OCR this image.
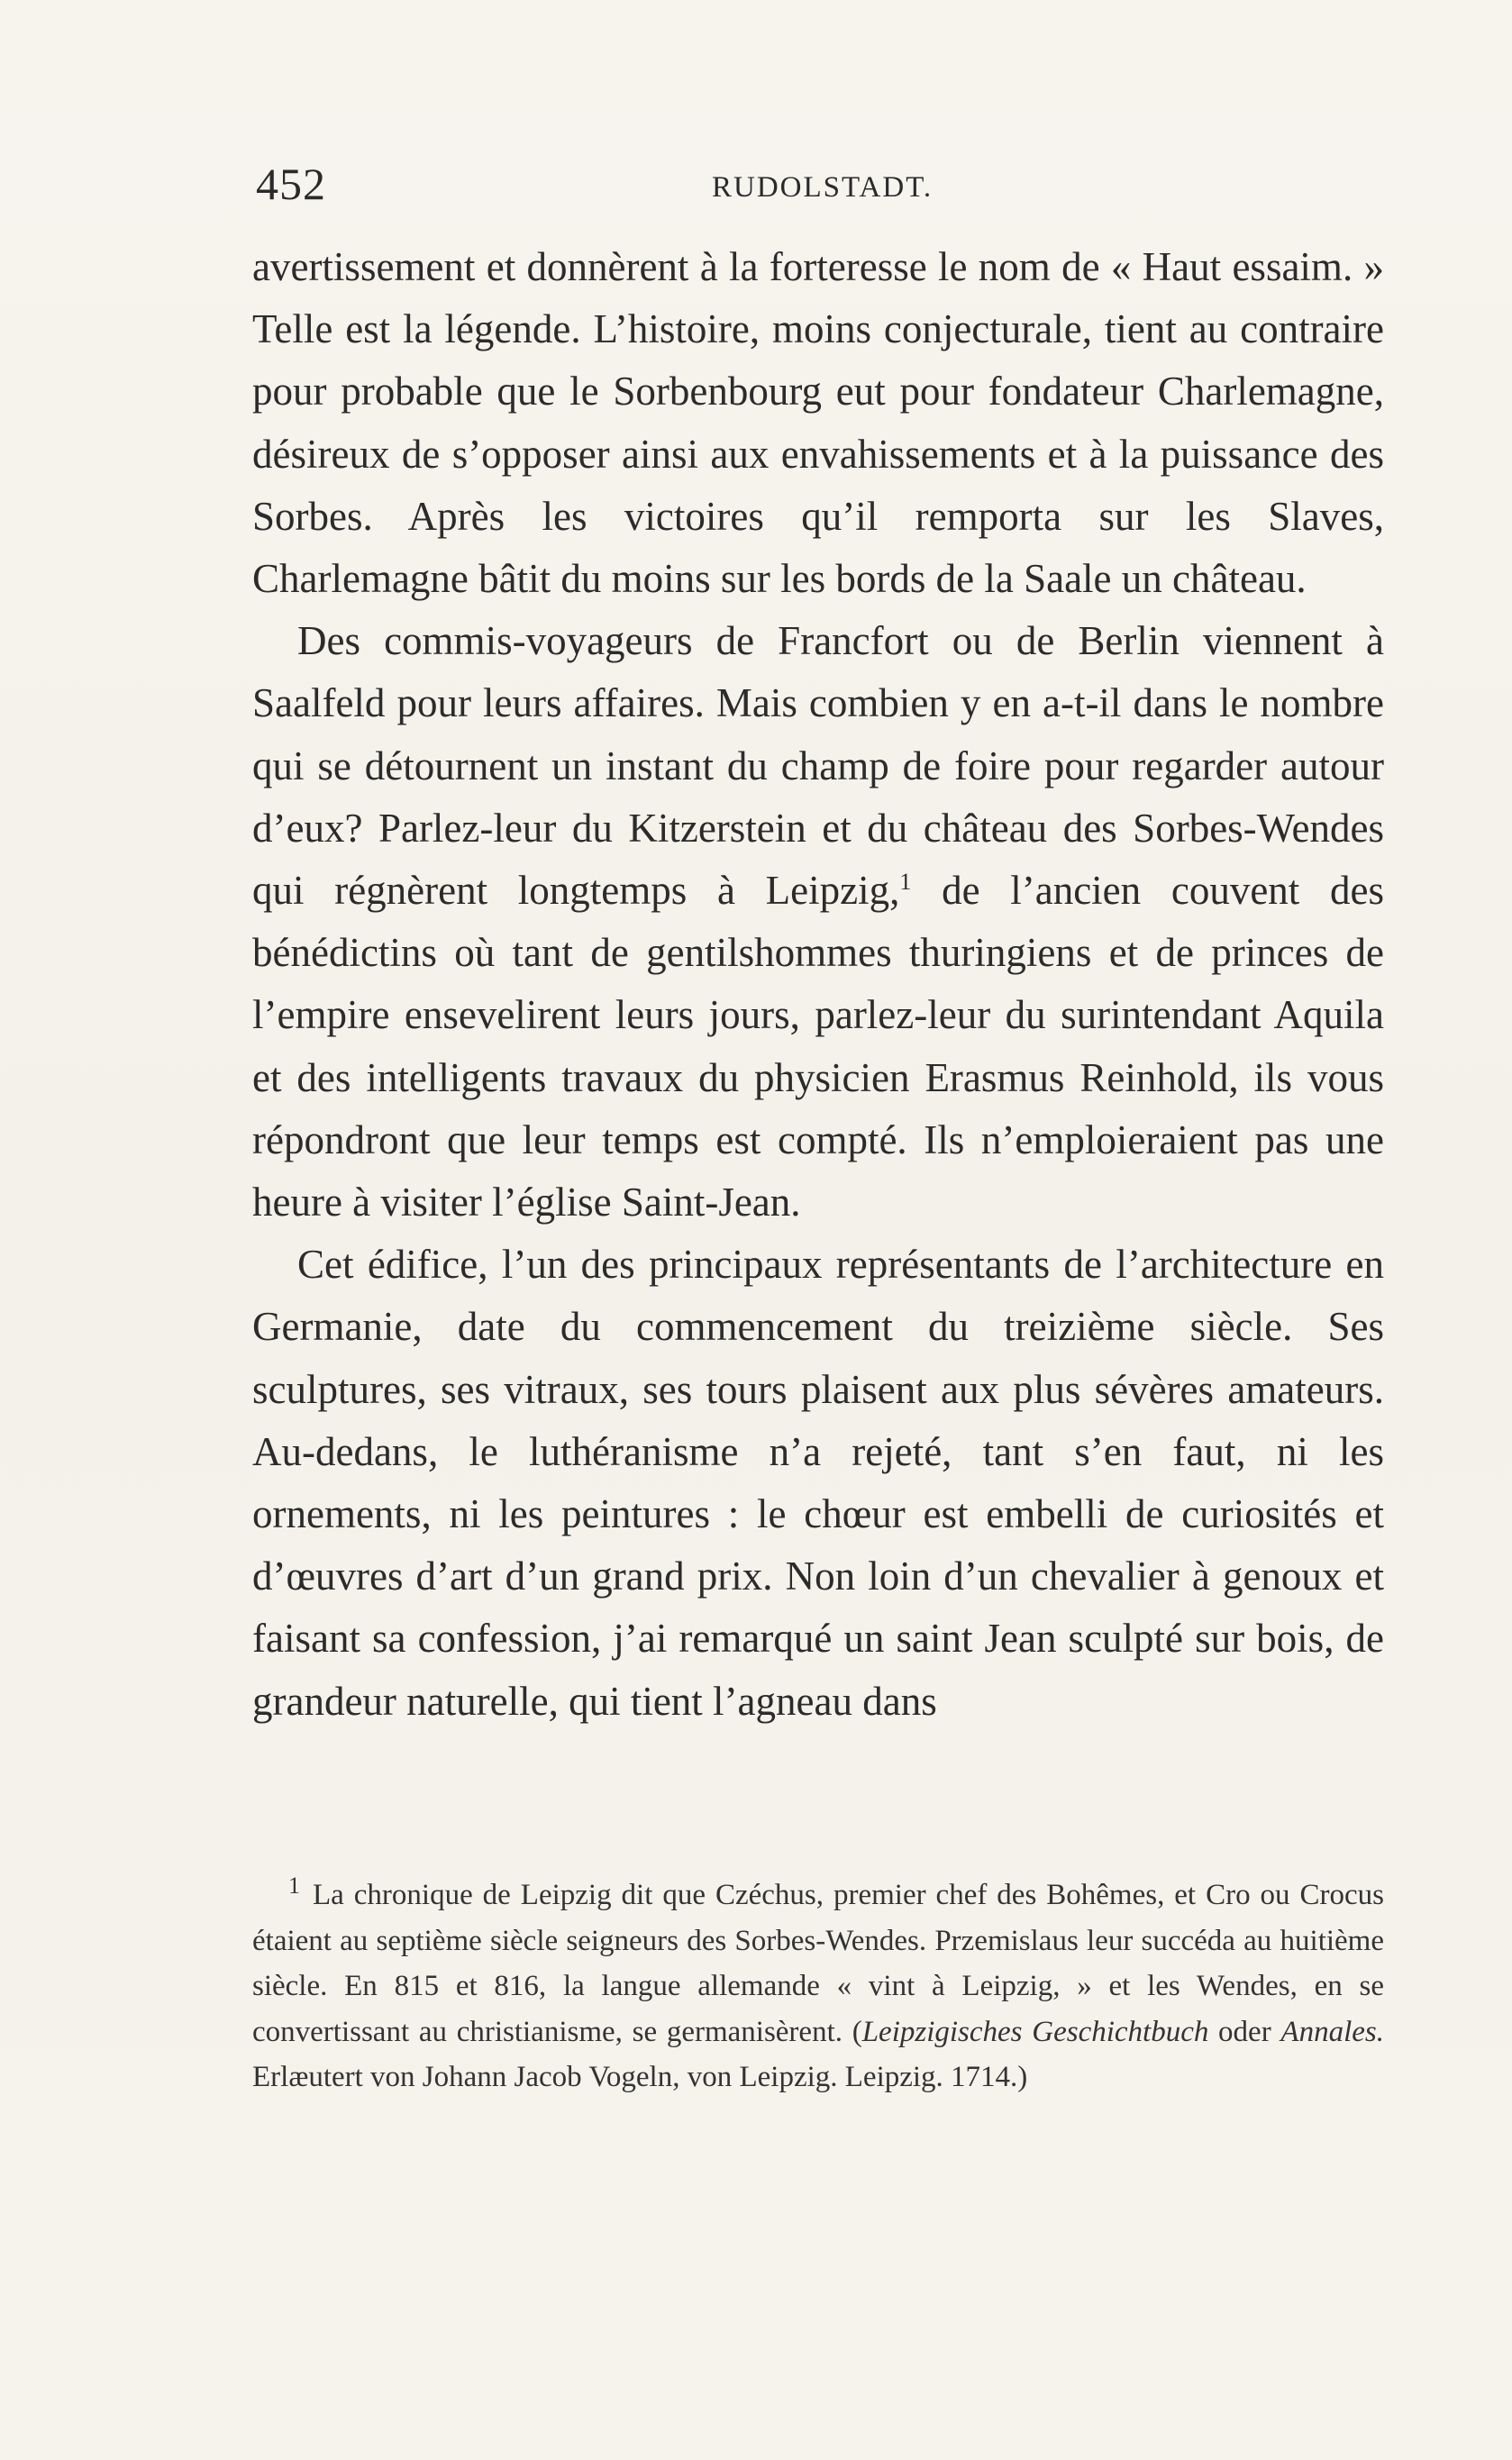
452	RUDOLSTADT.

avertissement et donnèrent à la forteresse le nom de « Haut essaim. » Telle est la légende. L’histoire, moins conjecturale, tient au contraire pour probable que le Sorbenbourg eut pour fondateur Charlemagne, désireux de s’opposer ainsi aux envahissements et à la puissance des Sorbes. Après les victoires qu’il remporta sur les Slaves, Charlemagne bâtit du moins sur les bords de la Saale un château.

Des commis-voyageurs de Francfort ou de Berlin viennent à Saalfeld pour leurs affaires. Mais combien y en a-t-il dans le nombre qui se détournent un instant du champ de foire pour regarder autour d’eux? Parlez-leur du Kitzerstein et du château des Sorbes-Wendes qui régnèrent longtemps à Leipzig,$^1$ de l’ancien couvent des bénédictins où tant de gentilshommes thuringiens et de princes de l’empire ensevelirent leurs jours, parlez-leur du surintendant Aquila et des intelligents travaux du physicien Erasmus Reinhold, ils vous répondront que leur temps est compté. Ils n’emploieraient pas une heure à visiter l’église Saint-Jean.

Cet édifice, l’un des principaux représentants de l’architecture en Germanie, date du commencement du treizième siècle. Ses sculptures, ses vitraux, ses tours plaisent aux plus sévères amateurs. Au-dedans, le luthéranisme n’a rejeté, tant s’en faut, ni les ornements, ni les peintures : le chœur est embelli de curiosités et d’œuvres d’art d’un grand prix. Non loin d’un chevalier à genoux et faisant sa confession, j’ai remarqué un saint Jean sculpté sur bois, de grandeur naturelle, qui tient l’agneau dans

$^1$ La chronique de Leipzig dit que Czéchus, premier chef des Bohêmes, et Cro ou Crocus étaient au septième siècle seigneurs des Sorbes-Wendes. Przemislaus leur succéda au huitième siècle. En 815 et 816, la langue allemande « vint à Leipzig, » et les Wendes, en se convertissant au christianisme, se germanisèrent. (Leipzigisches Geschichtbuch oder Annales. Erlæutert von Johann Jacob Vogeln, von Leipzig. Leipzig. 1714.)
